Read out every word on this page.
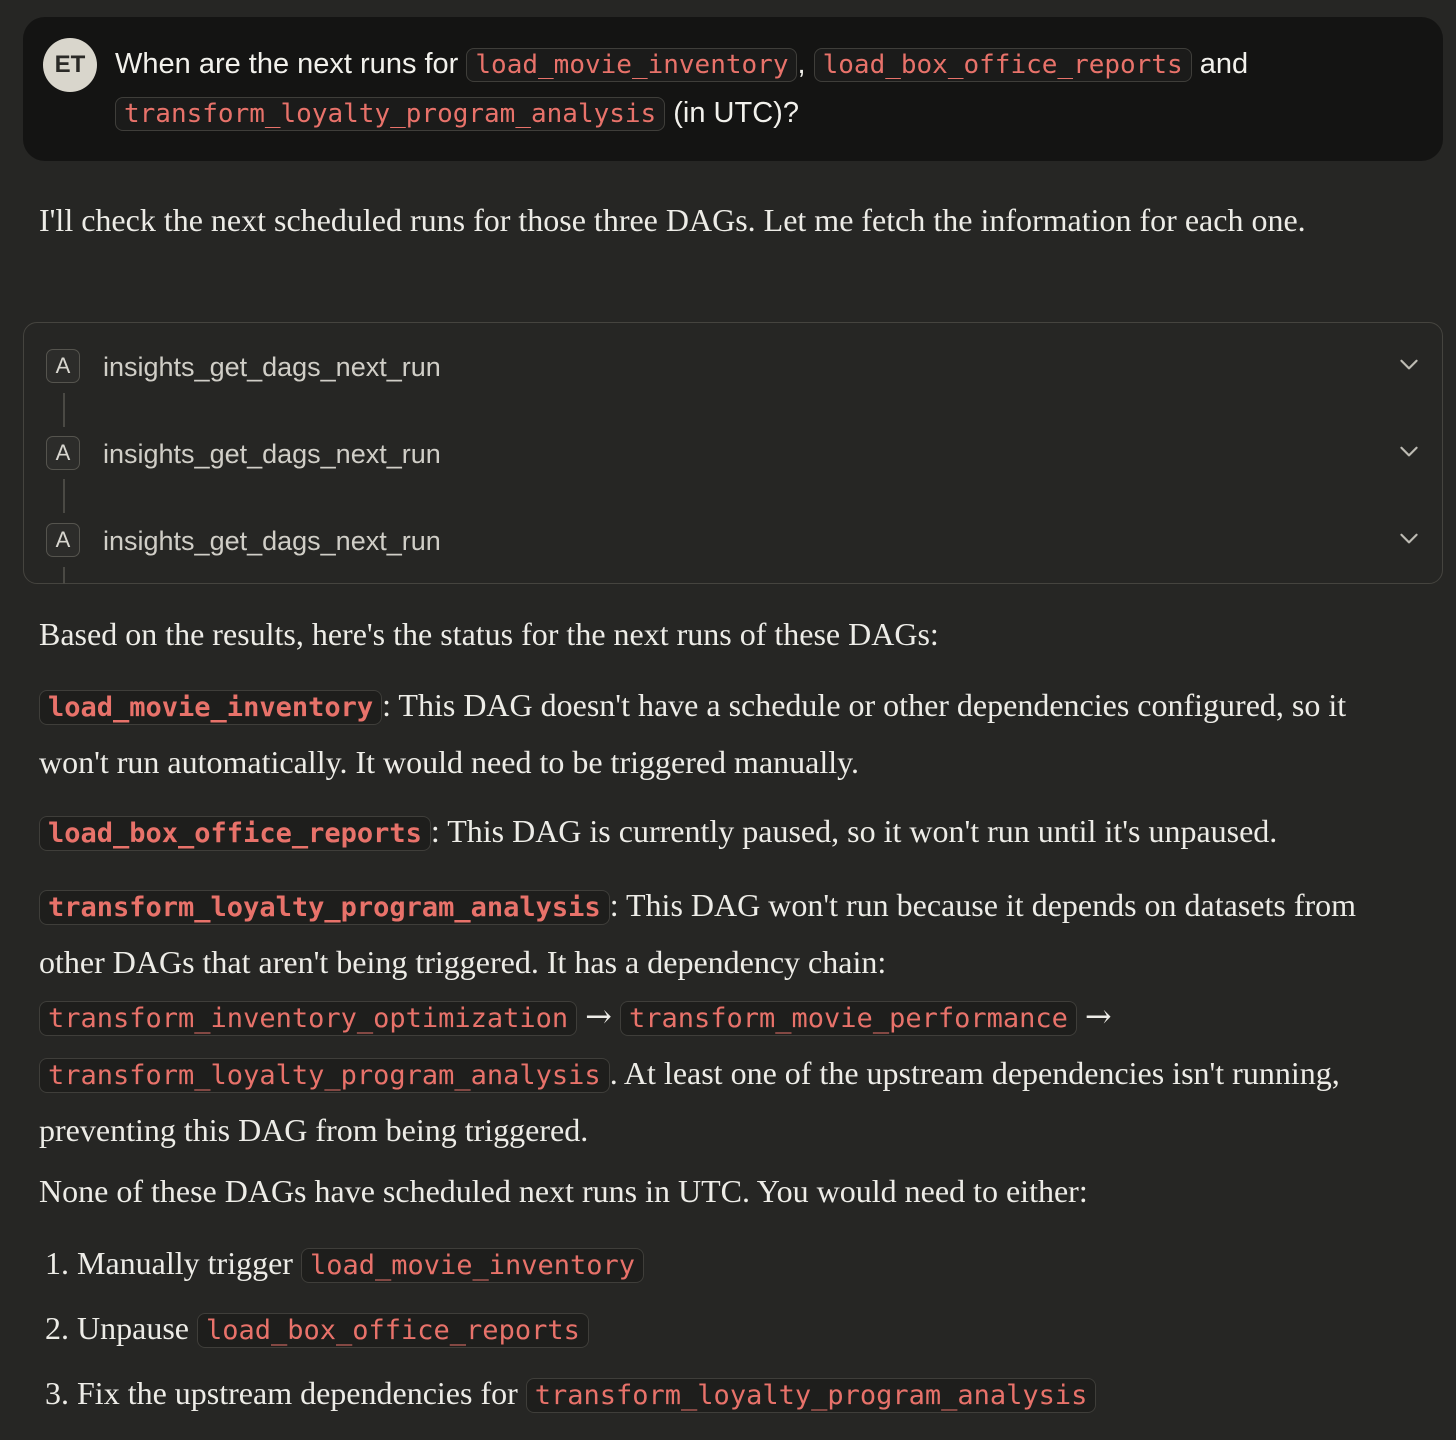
ET	When are the next runs for load_movie_inventory , load_box_office_reports and transform_loyalty_program_analysis (in UTC)?
I'll check the next scheduled runs for those three DAGs. Let me fetch the information for each one.
A	insights_get_dags_next_run
A	insights_get_dags_next_run
A	insights_get_dags_next_run
Based on the results, here's the status for the next runs of these DAGs:
load_movie_inventory : This DAG doesn't have a schedule or other dependencies configured, so it won't run automatically. It would need to be triggered manually.
load_box_office_reports : This DAG is currently paused, so it won't run until it's unpaused.
transform_loyalty_program_analysis : This DAG won't run because it depends on datasets from other DAGs that aren't being triggered. It has a dependency chain: transform_inventory_optimization → transform_movie_performance → transform_loyalty_program_analysis . At least one of the upstream dependencies isn't running, preventing this DAG from being triggered.
None of these DAGs have scheduled next runs in UTC. You would need to either:
1. Manually trigger load_movie_inventory
2. Unpause load_box_office_reports
3. Fix the upstream dependencies for transform_loyalty_program_analysis
